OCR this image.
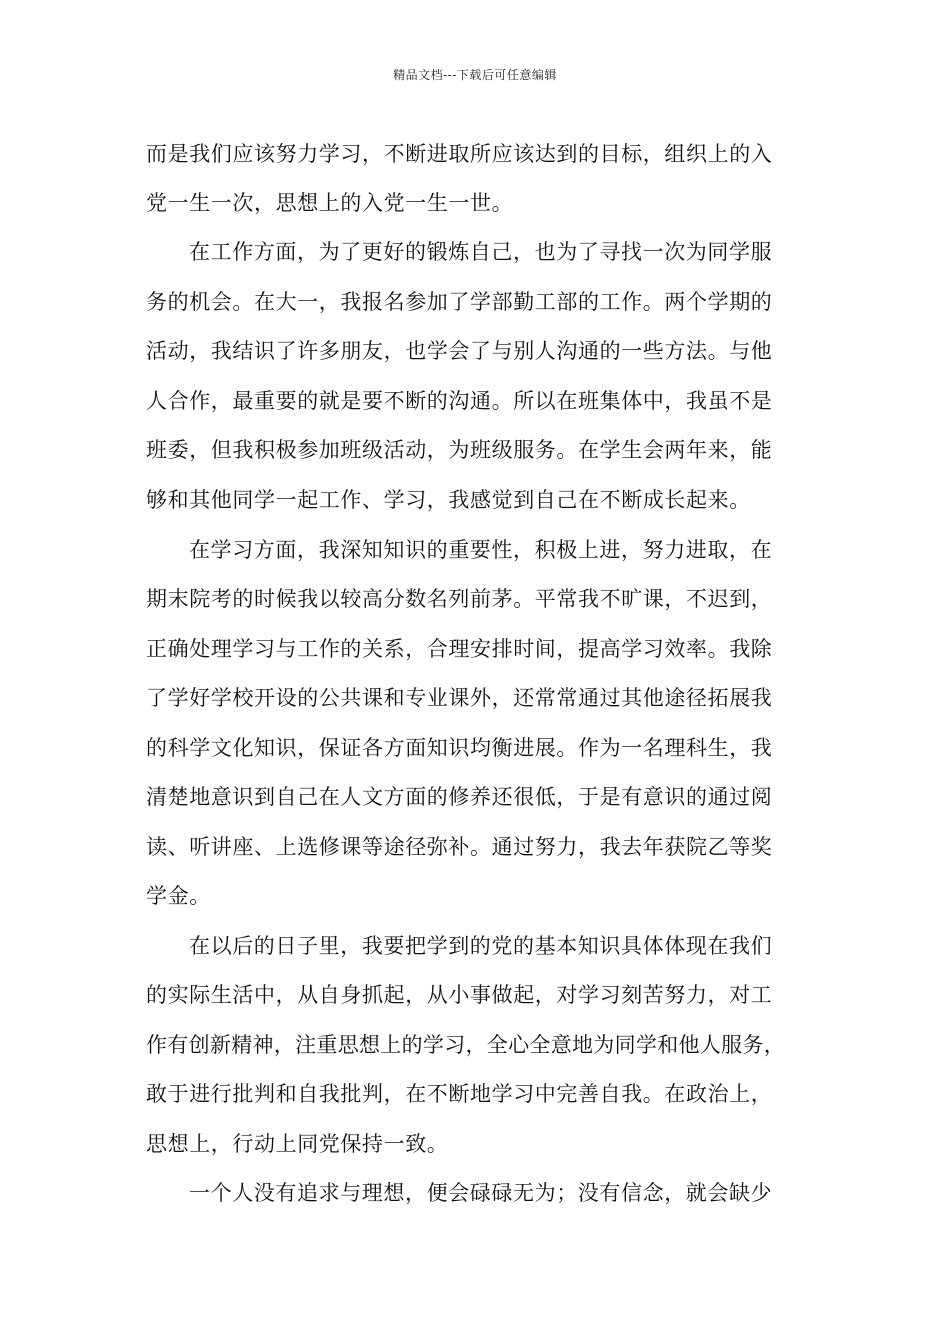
精品文档---下载后可任意编辑
而是我们应该努力学习，不断进取所应该达到的目标，组织上的入
党一生一次，思想上的入党一生一世。
在工作方面，为了更好的锻炼自己，也为了寻找一次为同学服
务的机会。在大一，我报名参加了学部勤工部的工作。两个学期的
活动，我结识了许多朋友，也学会了与别人沟通的一些方法。与他
人合作，最重要的就是要不断的沟通。所以在班集体中，我虽不是
班委，但我积极参加班级活动，为班级服务。在学生会两年来，能
够和其他同学一起工作、学习，我感觉到自己在不断成长起来。
在学习方面，我深知知识的重要性，积极上进，努力进取，在
期末院考的时候我以较高分数名列前茅。平常我不旷课，不迟到，
正确处理学习与工作的关系，合理安排时间，提高学习效率。我除
了学好学校开设的公共课和专业课外，还常常通过其他途径拓展我
的科学文化知识，保证各方面知识均衡进展。作为一名理科生，我
清楚地意识到自己在人文方面的修养还很低，于是有意识的通过阅
读、听讲座、上选修课等途径弥补。通过努力，我去年获院乙等奖
学金。
在以后的日子里，我要把学到的党的基本知识具体体现在我们
的实际生活中，从自身抓起，从小事做起，对学习刻苦努力，对工
作有创新精神，注重思想上的学习，全心全意地为同学和他人服务，
敢于进行批判和自我批判，在不断地学习中完善自我。在政治上，
思想上，行动上同党保持一致。
一个人没有追求与理想，便会碌碌无为；没有信念，就会缺少
